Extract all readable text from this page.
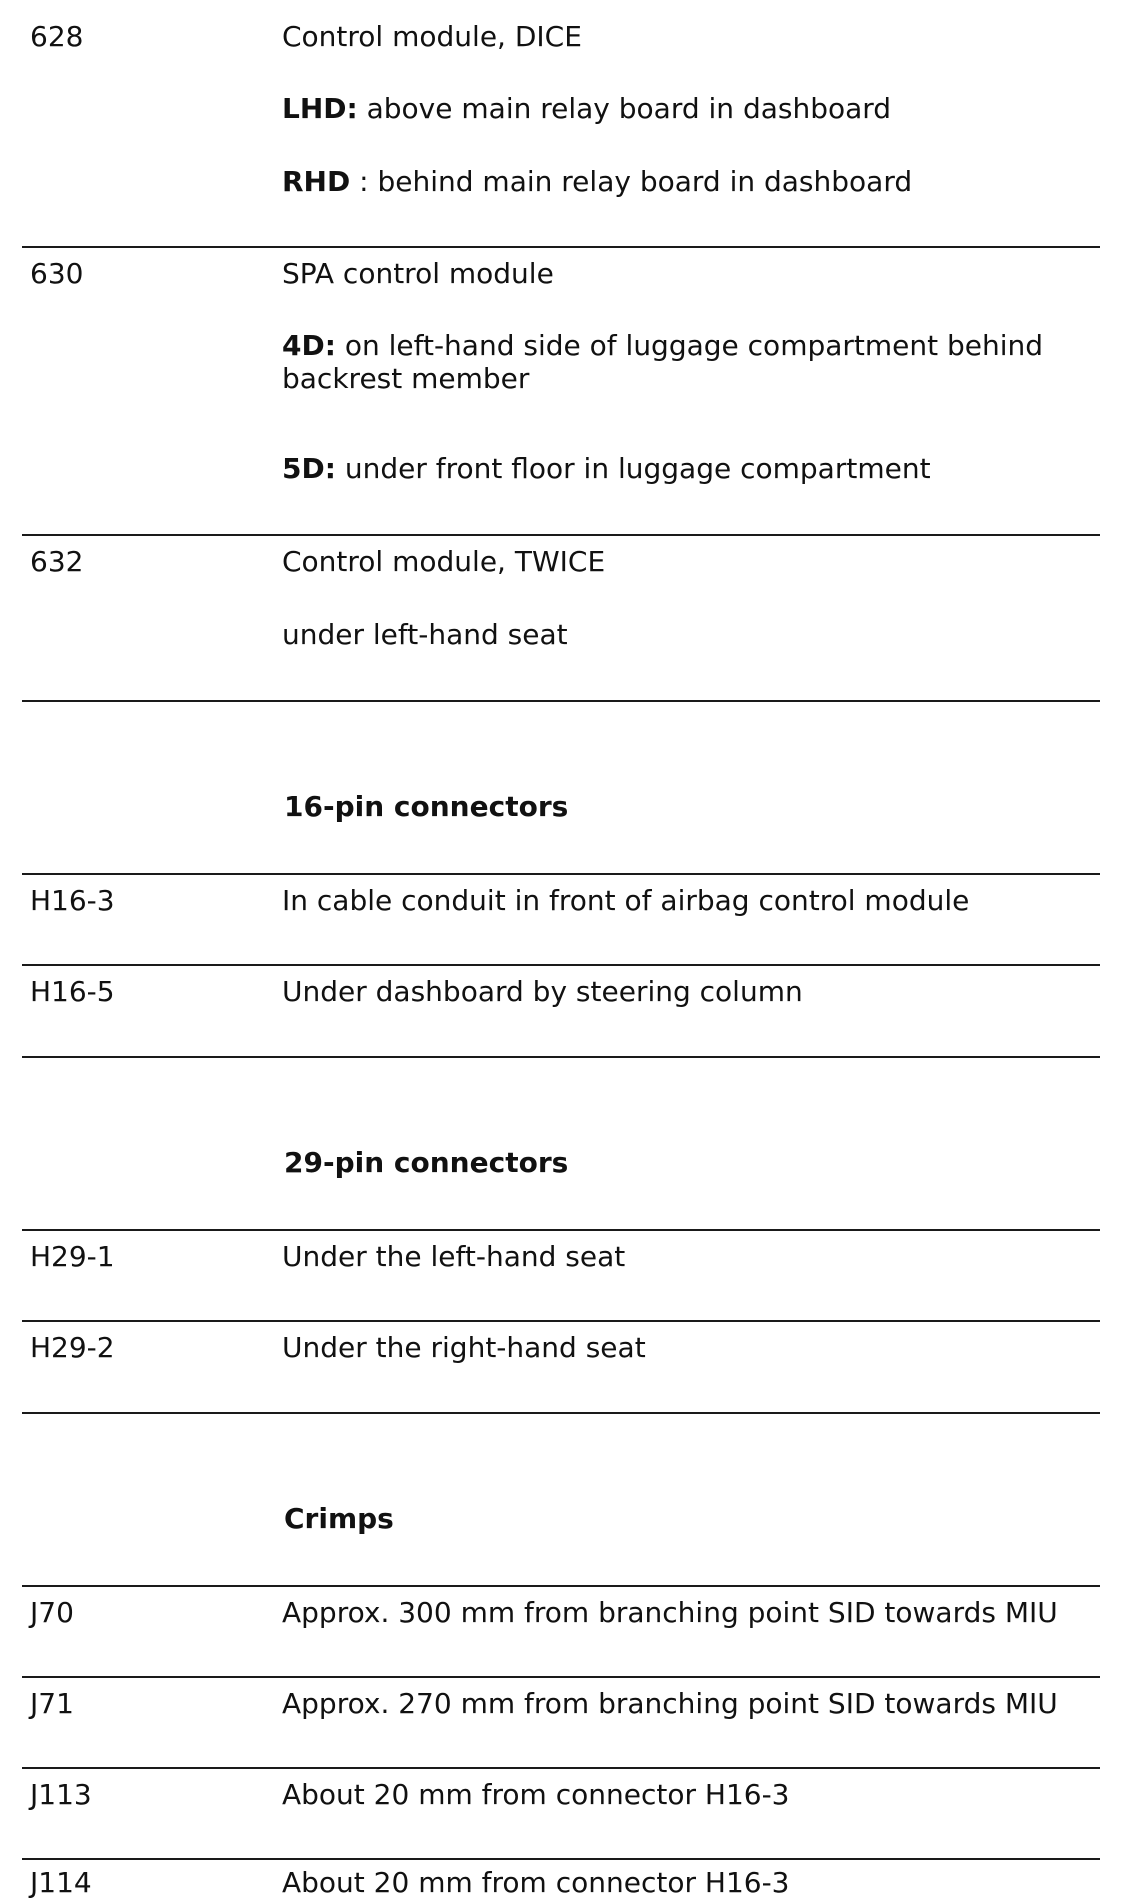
628	Control module, DICE
LHD: above main relay board in dashboard
RHD : behind main relay board in dashboard
630	SPA control module
4D: on left-hand side of luggage compartment behind backrest member
5D: under front floor in luggage compartment
632	Control module, TWICE
under left-hand seat
16-pin connectors
H16-3	In cable conduit in front of airbag control module
H16-5	Under dashboard by steering column
29-pin connectors
H29-1	Under the left-hand seat
H29-2	Under the right-hand seat
Crimps
J70	Approx. 300 mm from branching point SID towards MIU
J71	Approx. 270 mm from branching point SID towards MIU
J113	About 20 mm from connector H16-3
J114	About 20 mm from connector H16-3
